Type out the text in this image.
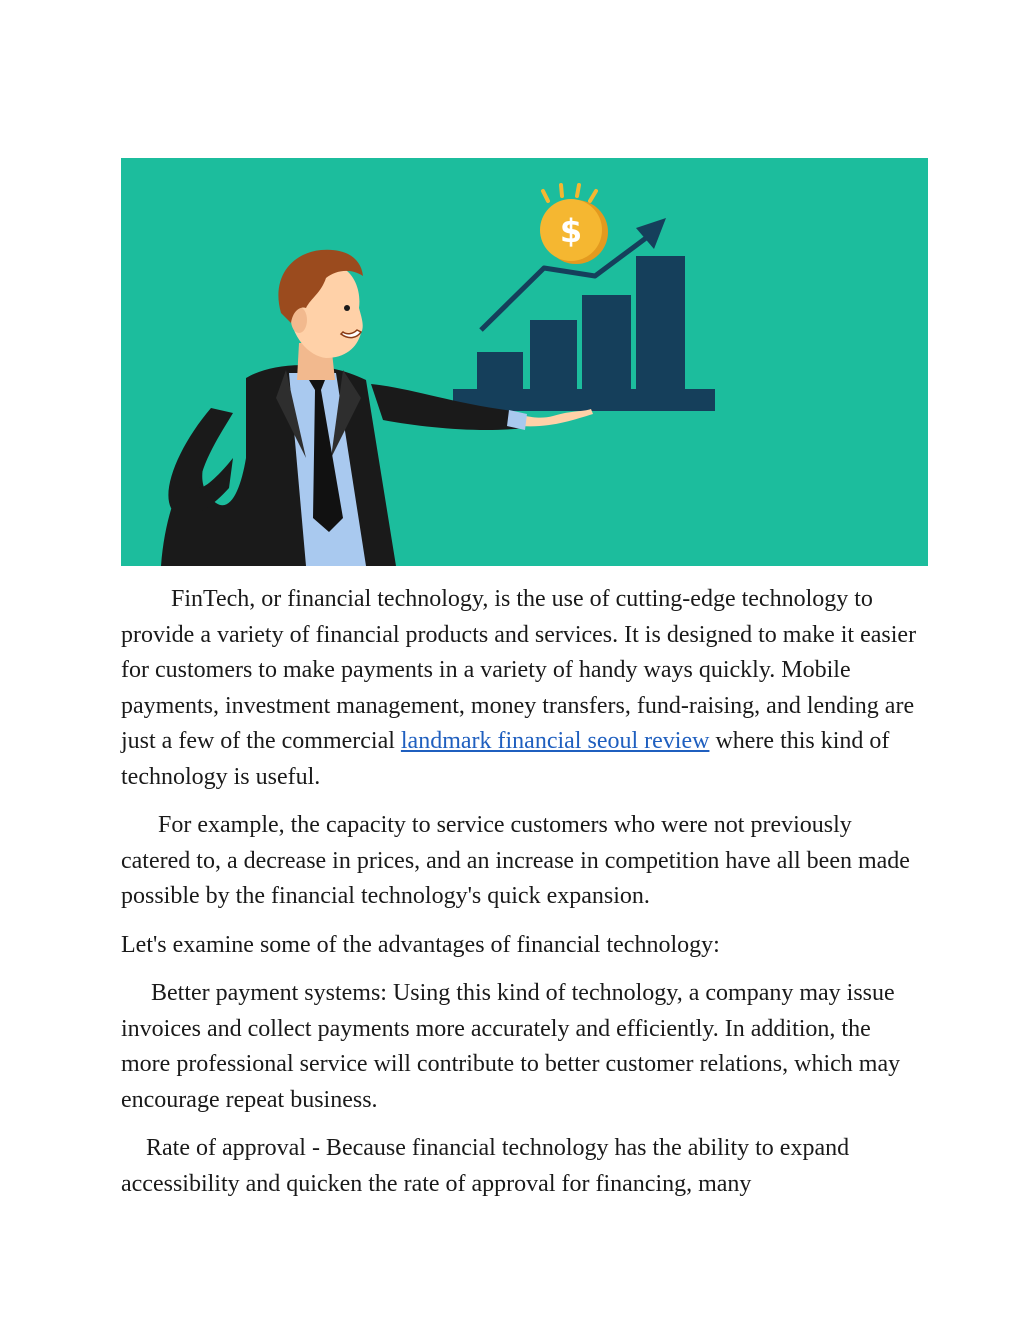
$

FinTech, or financial technology, is the use of cutting-edge technology to provide a variety of financial products and services. It is designed to make it easier for customers to make payments in a variety of handy ways quickly. Mobile payments, investment management, money transfers, fund-raising, and lending are just a few of the commercial landmark financial seoul review where this kind of technology is useful.

For example, the capacity to service customers who were not previously catered to, a decrease in prices, and an increase in competition have all been made possible by the financial technology's quick expansion.

Let's examine some of the advantages of financial technology:

Better payment systems: Using this kind of technology, a company may issue invoices and collect payments more accurately and efficiently. In addition, the more professional service will contribute to better customer relations, which may encourage repeat business.

Rate of approval - Because financial technology has the ability to expand accessibility and quicken the rate of approval for financing, many
